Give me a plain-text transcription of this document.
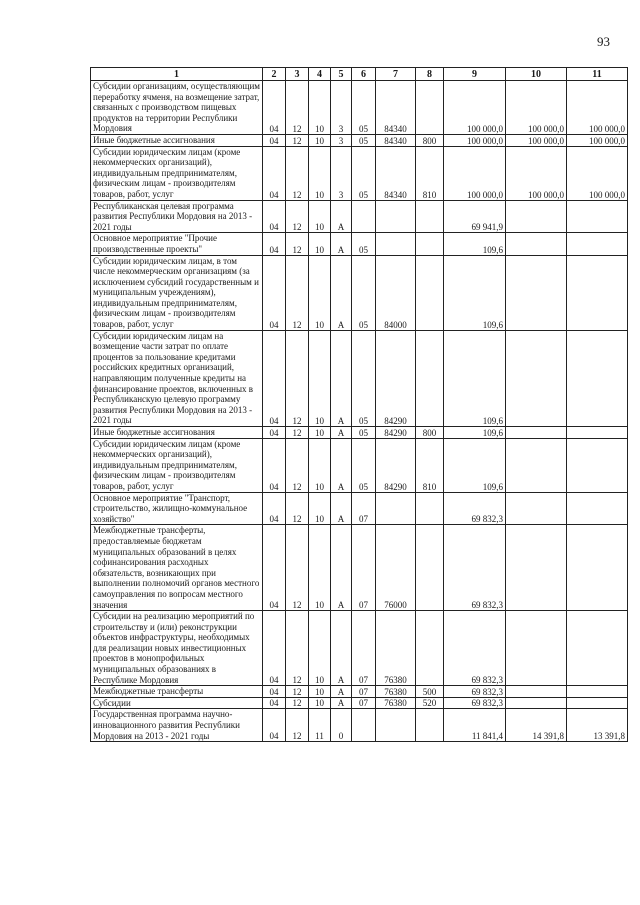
93
1	2	3	4	5	6	7	8	9	10	11
Субсидии организациям, осуществляющим переработку ячменя, на возмещение затрат, связанных с производством пищевых продуктов на территории Республики Мордовия	04	12	10	3	05	84340		100 000,0	100 000,0	100 000,0
Иные бюджетные ассигнования	04	12	10	3	05	84340	800	100 000,0	100 000,0	100 000,0
Субсидии юридическим лицам (кроме некоммерческих организаций), индивидуальным предпринимателям, физическим лицам - производителям товаров, работ, услуг	04	12	10	3	05	84340	810	100 000,0	100 000,0	100 000,0
Республиканская целевая программа развития Республики Мордовия на 2013 - 2021 годы	04	12	10	А				69 941,9		
Основное мероприятие "Прочие производственные проекты"	04	12	10	А	05			109,6		
Субсидии юридическим лицам, в том числе некоммерческим организациям (за исключением субсидий государственным и муниципальным учреждениям), индивидуальным предпринимателям, физическим лицам - производителям товаров, работ, услуг	04	12	10	А	05	84000		109,6		
Субсидии юридическим лицам на возмещение части затрат по оплате процентов за пользование кредитами российских кредитных организаций, направляющим полученные кредиты на финансирование проектов, включенных в Республиканскую целевую программу развития Республики Мордовия на 2013 - 2021 годы	04	12	10	А	05	84290		109,6		
Иные бюджетные ассигнования	04	12	10	А	05	84290	800	109,6		
Субсидии юридическим лицам (кроме некоммерческих организаций), индивидуальным предпринимателям, физическим лицам - производителям товаров, работ, услуг	04	12	10	А	05	84290	810	109,6		
Основное мероприятие "Транспорт, строительство, жилищно-коммунальное хозяйство"	04	12	10	А	07			69 832,3		
Межбюджетные трансферты, предоставляемые бюджетам муниципальных образований в целях софинансирования расходных обязательств, возникающих при выполнении полномочий органов местного самоуправления по вопросам местного значения	04	12	10	А	07	76000		69 832,3		
Субсидии на реализацию мероприятий по строительству и (или) реконструкции объектов инфраструктуры, необходимых для реализации новых инвестиционных проектов в монопрофильных муниципальных образованиях в Республике Мордовия	04	12	10	А	07	76380		69 832,3		
Межбюджетные трансферты	04	12	10	А	07	76380	500	69 832,3		
Субсидии	04	12	10	А	07	76380	520	69 832,3		
Государственная программа научно-инновационного развития Республики Мордовия на 2013 - 2021 годы	04	12	11	0				11 841,4	14 391,8	13 391,8
